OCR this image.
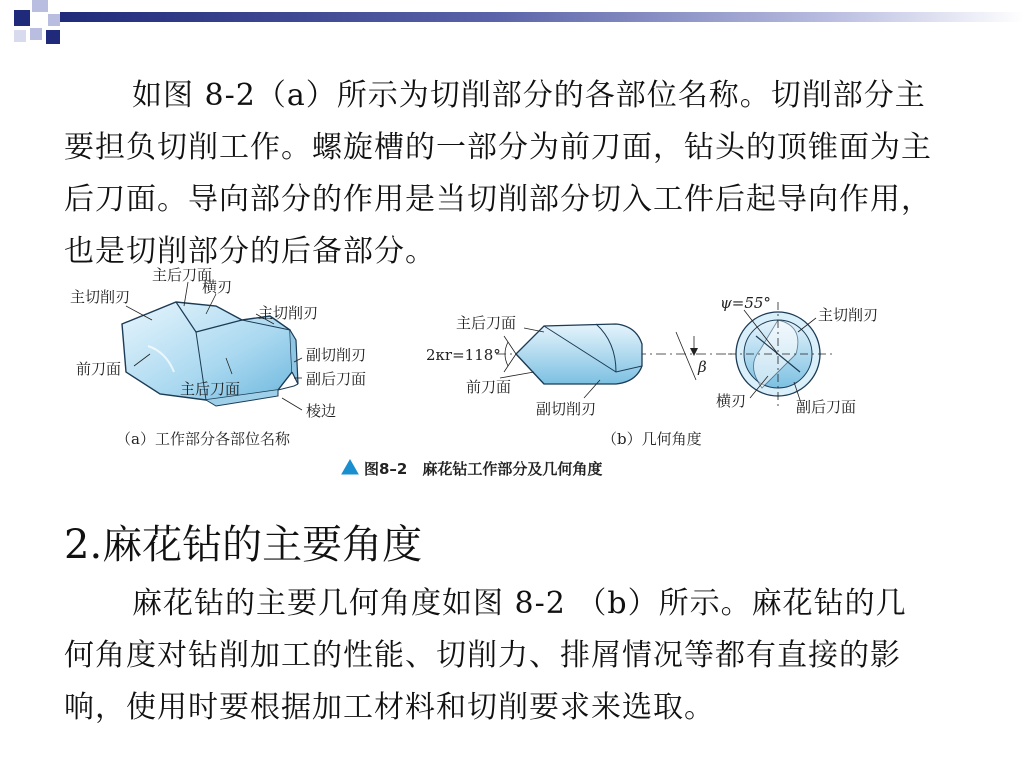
如图 8-2（a）所示为切削部分的各部位名称。切削部分主要担负切削工作。螺旋槽的一部分为前刀面，钻头的顶锥面为主后刀面。导向部分的作用是当切削部分切入工件后起导向作用，也是切削部分的后备部分。
主后刀面
横刃
主切削刃
主切削刃
前刀面
副切削刃
副后刀面
主后刀面
棱边
（a）工作部分各部位名称
主后刀面
2κr=118°
前刀面
副切削刃
β
ψ=55°
主切削刃
横刃	副后刀面
（b）几何角度
图8–2　麻花钻工作部分及几何角度
2.麻花钻的主要角度
麻花钻的主要几何角度如图 8-2 （b）所示。麻花钻的几何角度对钻削加工的性能、切削力、排屑情况等都有直接的影响，使用时要根据加工材料和切削要求来选取。
